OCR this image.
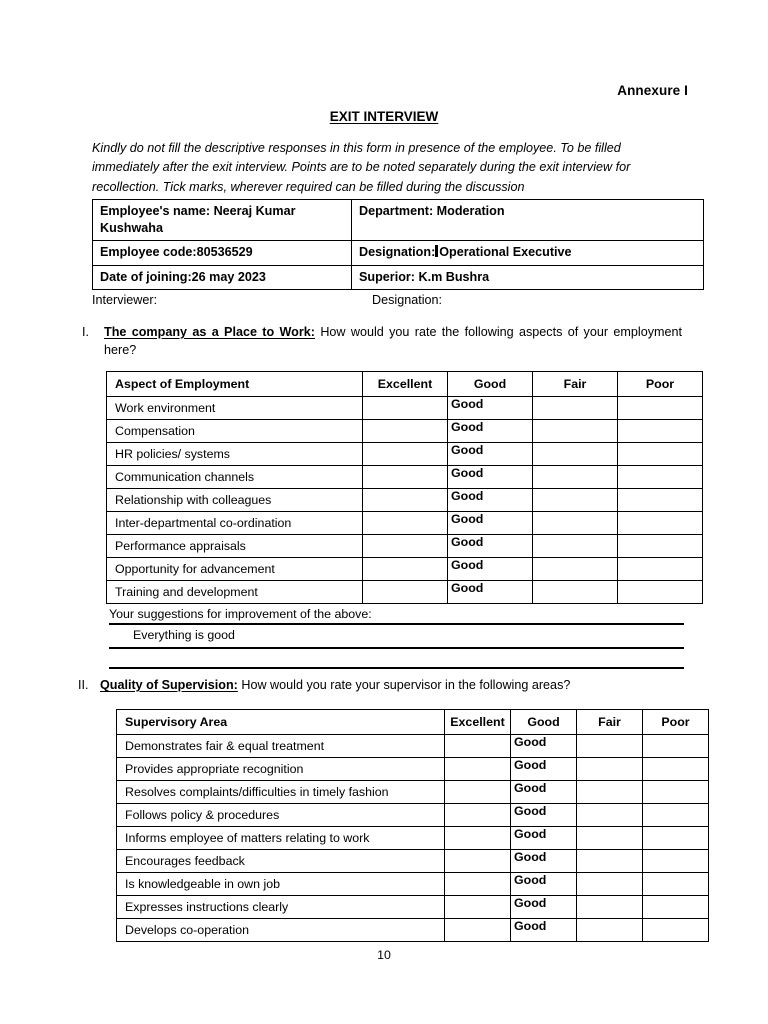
Annexure I
EXIT INTERVIEW
Kindly do not fill the descriptive responses in this form in presence of the employee. To be filled immediately after the exit interview. Points are to be noted separately during the exit interview for recollection. Tick marks, wherever required can be filled during the discussion
Employee's name: Neeraj Kumar Kushwaha	Department: Moderation
Employee code:80536529	Designation: Operational Executive
Date of joining:26 may 2023	Superior: K.m Bushra
Interviewer:	Designation:
I.	The company as a Place to Work: How would you rate the following aspects of your employment here?
Aspect of Employment	Excellent	Good	Fair	Poor
Work environment		Good		
Compensation		Good		
HR policies/ systems		Good		
Communication channels		Good		
Relationship with colleagues		Good		
Inter-departmental co-ordination		Good		
Performance appraisals		Good		
Opportunity for advancement		Good		
Training and development		Good		
Your suggestions for improvement of the above:
Everything is good
II. Quality of Supervision: How would you rate your supervisor in the following areas?
Supervisory Area	Excellent	Good	Fair	Poor
Demonstrates fair & equal treatment		Good		
Provides appropriate recognition		Good		
Resolves complaints/difficulties in timely fashion		Good		
Follows policy & procedures		Good		
Informs employee of matters relating to work		Good		
Encourages feedback		Good		
Is knowledgeable in own job		Good		
Expresses instructions clearly		Good		
Develops co-operation		Good		
10
